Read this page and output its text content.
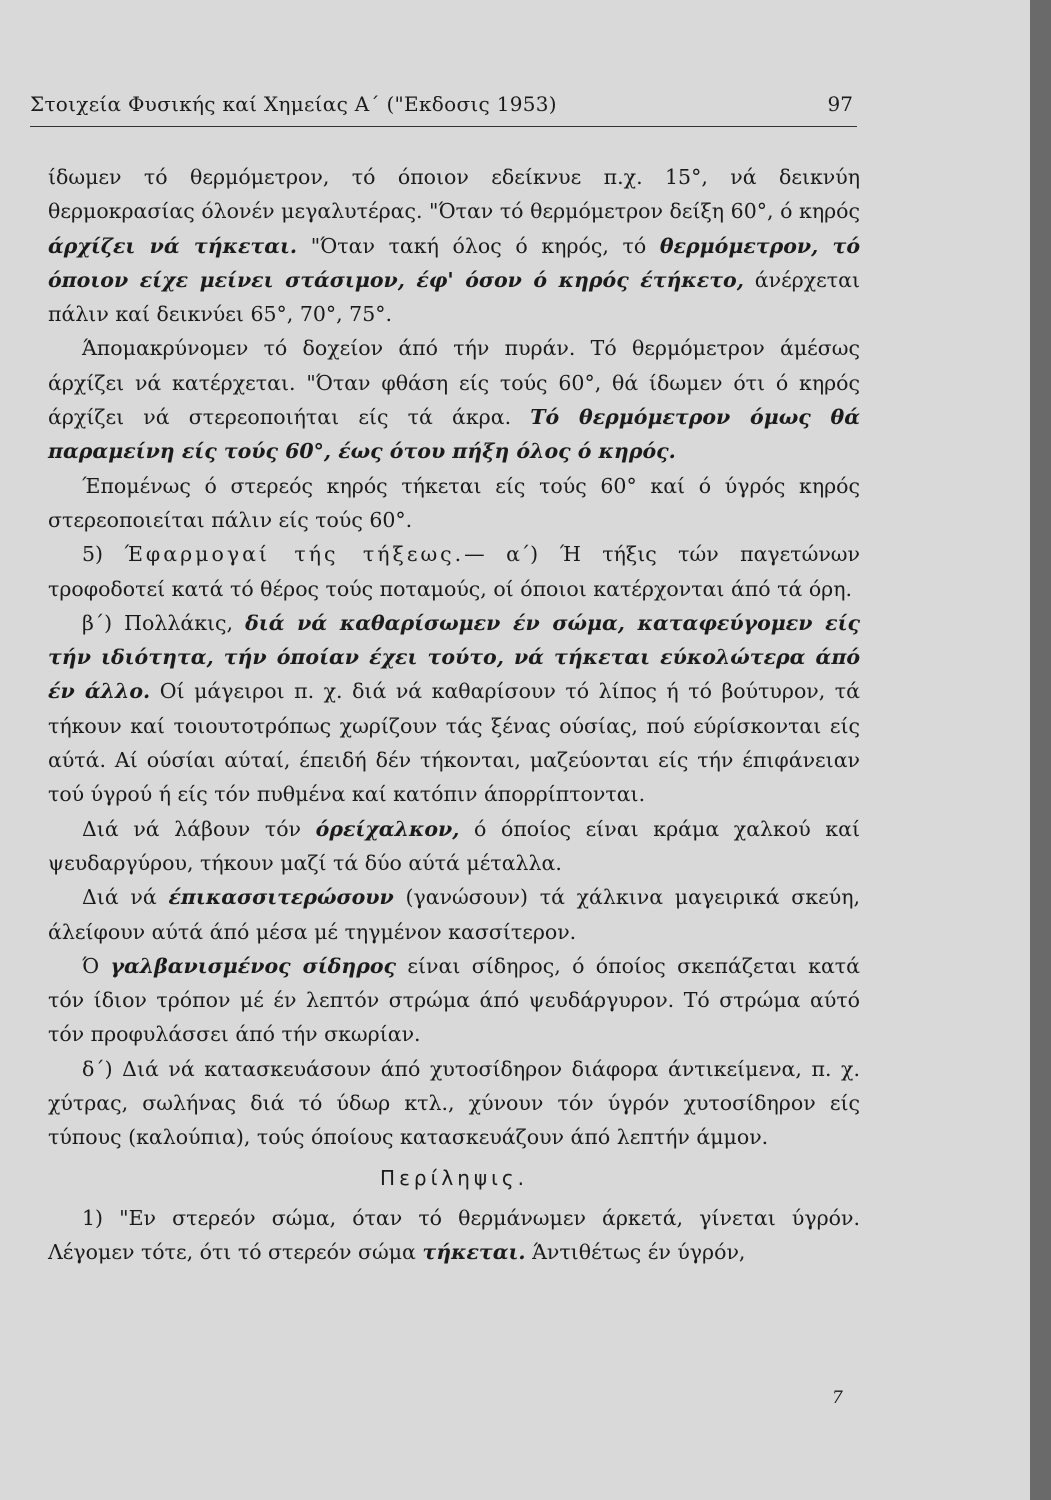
Στοιχεία Φυσικής καί Χημείας Α΄ ("Εκδοσις 1953)	97

ίδωμεν τό θερμόμετρον, τό όποιον εδείκνυε π.χ. 15°, νά δεικνύη θερμοκρασίας όλονέν μεγαλυτέρας. "Όταν τό θερμόμετρον δείξη 60°, ό κηρός άρχίζει νά τήκεται. "Όταν τακή όλος ό κηρός, τό θερμόμετρον, τό όποιον είχε μείνει στάσιμον, έφ' όσον ό κηρός έτήκετο, άνέρχεται πάλιν καί δεικνύει 65°, 70°, 75°.

Άπομακρύνομεν τό δοχείον άπό τήν πυράν. Τό θερμόμετρον άμέσως άρχίζει νά κατέρχεται. "Όταν φθάση είς τούς 60°, θά ίδωμεν ότι ό κηρός άρχίζει νά στερεοποιήται είς τά άκρα. Τό θερμόμετρον όμως θά παραμείνη είς τούς 60°, έως ότου πήξη όλος ό κηρός.

Έπομένως ό στερεός κηρός τήκεται είς τούς 60° καί ό ύγρός κηρός στερεοποιείται πάλιν είς τούς 60°.

5) Έφαρμογαί τής τήξεως.— α΄) Ή τήξις τών παγετώνων τροφοδοτεί κατά τό θέρος τούς ποταμούς, οί όποιοι κατέρχονται άπό τά όρη.

β΄) Πολλάκις, διά νά καθαρίσωμεν έν σώμα, καταφεύγομεν είς τήν ιδιότητα, τήν όποίαν έχει τούτο, νά τήκεται εύκολώτερα άπό έν άλλο. Οί μάγειροι π. χ. διά νά καθαρίσουν τό λίπος ή τό βούτυρον, τά τήκουν καί τοιουτοτρόπως χωρίζουν τάς ξένας ούσίας, πού εύρίσκονται είς αύτά. Αί ούσίαι αύταί, έπειδή δέν τήκονται, μαζεύονται είς τήν έπιφάνειαν τού ύγρού ή είς τόν πυθμένα καί κατόπιν άπορρίπτονται.

Διά νά λάβουν τόν όρείχαλκον, ό όποίος είναι κράμα χαλκού καί ψευδαργύρου, τήκουν μαζί τά δύο αύτά μέταλλα.

Διά νά έπικασσιτερώσουν (γανώσουν) τά χάλκινα μαγειρικά σκεύη, άλείφουν αύτά άπό μέσα μέ τηγμένον κασσίτερον.

Ό γαλβανισμένος σίδηρος είναι σίδηρος, ό όποίος σκεπάζεται κατά τόν ίδιον τρόπον μέ έν λεπτόν στρώμα άπό ψευδάργυρον. Τό στρώμα αύτό τόν προφυλάσσει άπό τήν σκωρίαν.

δ΄) Διά νά κατασκευάσουν άπό χυτοσίδηρον διάφορα άντικείμενα, π. χ. χύτρας, σωλήνας διά τό ύδωρ κτλ., χύνουν τόν ύγρόν χυτοσίδηρον είς τύπους (καλούπια), τούς όποίους κατασκευάζουν άπό λεπτήν άμμον.

Περίληψις.

1) "Εν στερεόν σώμα, όταν τό θερμάνωμεν άρκετά, γίνεται ύγρόν. Λέγομεν τότε, ότι τό στερεόν σώμα τήκεται. Άντιθέτως έν ύγρόν,

7
